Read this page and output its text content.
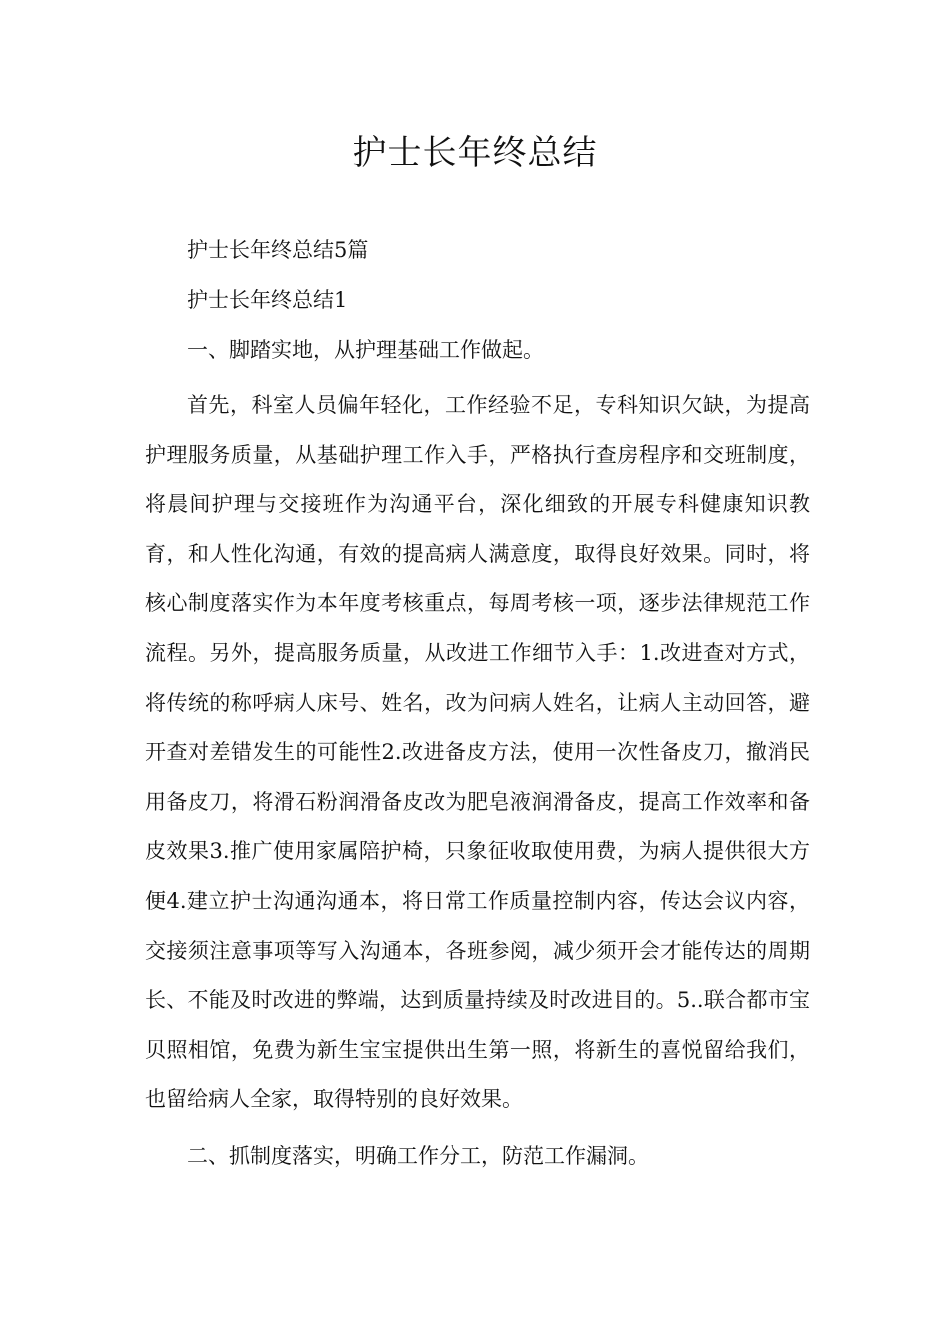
护士长年终总结

护士长年终总结5篇

护士长年终总结1

一、脚踏实地，从护理基础工作做起。

首先，科室人员偏年轻化，工作经验不足，专科知识欠缺，为提高护理服务质量，从基础护理工作入手，严格执行查房程序和交班制度，将晨间护理与交接班作为沟通平台，深化细致的开展专科健康知识教育，和人性化沟通，有效的提高病人满意度，取得良好效果。同时，将核心制度落实作为本年度考核重点，每周考核一项，逐步法律规范工作流程。另外，提高服务质量，从改进工作细节入手：1.改进查对方式，将传统的称呼病人床号、姓名，改为问病人姓名，让病人主动回答，避开查对差错发生的可能性2.改进备皮方法，使用一次性备皮刀，撤消民用备皮刀，将滑石粉润滑备皮改为肥皂液润滑备皮，提高工作效率和备皮效果3.推广使用家属陪护椅，只象征收取使用费，为病人提供很大方便4.建立护士沟通沟通本，将日常工作质量控制内容，传达会议内容，交接须注意事项等写入沟通本，各班参阅，减少须开会才能传达的周期长、不能及时改进的弊端，达到质量持续及时改进目的。5..联合都市宝贝照相馆，免费为新生宝宝提供出生第一照，将新生的喜悦留给我们，也留给病人全家，取得特别的良好效果。

二、抓制度落实，明确工作分工，防范工作漏洞。
